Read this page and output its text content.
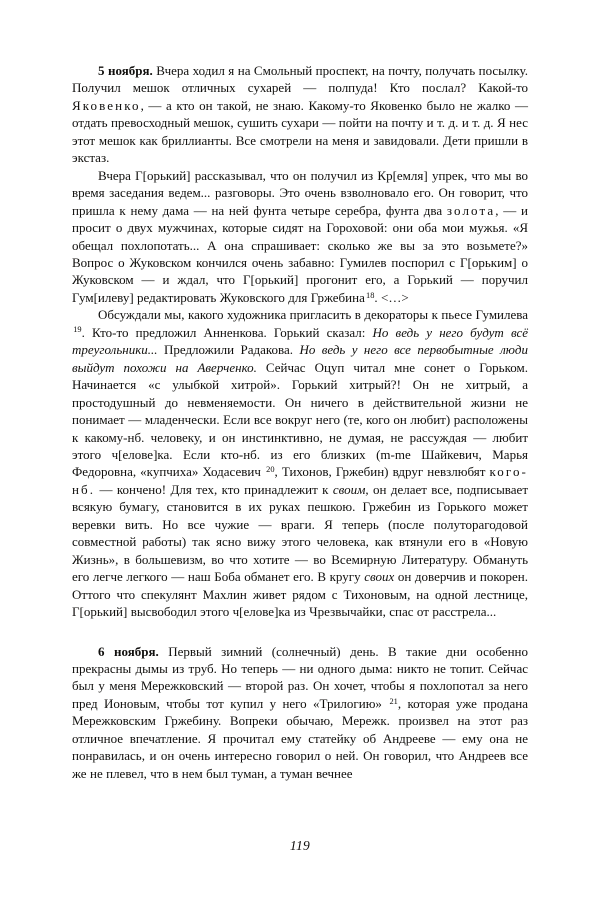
5 ноября. Вчера ходил я на Смольный проспект, на почту, получать посылку. Получил мешок отличных сухарей — полпуда! Кто послал? Какой-то Яковенко, — а кто он такой, не знаю. Какому-то Яковенко было не жалко — отдать превосходный мешок, сушить сухари — пойти на почту и т. д. и т. д. Я нес этот мешок как бриллианты. Все смотрели на меня и завидовали. Дети пришли в экстаз.

Вчера Г[орький] рассказывал, что он получил из Кр[емля] упрек, что мы во время заседания ведем... разговоры. Это очень взволновало его. Он говорит, что пришла к нему дама — на ней фунта четыре серебра, фунта два золота, — и просит о двух мужчинах, которые сидят на Гороховой: они оба мои мужья. «Я обещал похлопотать... А она спрашивает: сколько же вы за это возьмете?» Вопрос о Жуковском кончился очень забавно: Гумилев поспорил с Г[орьким] о Жуковском — и ждал, что Г[орький] прогонит его, а Горький — поручил Гум[илеву] редактировать Жуковского для Гржебина$^{18}$. <…>

Обсуждали мы, какого художника пригласить в декораторы к пьесе Гумилева $^{19}$. Кто-то предложил Анненкова. Горький сказал: Но ведь у него будут всё треугольники... Предложили Радакова. Но ведь у него все первобытные люди выйдут похожи на Аверченко. Сейчас Оцуп читал мне сонет о Горьком. Начинается «с улыбкой хитрой». Горький хитрый?! Он не хитрый, а простодушный до невменяемости. Он ничего в действительной жизни не понимает — младенчески. Если все вокруг него (те, кого он любит) расположены к какому-нб. человеку, и он инстинктивно, не думая, не рассуждая — любит этого ч[елове]ка. Если кто-нб. из его близких (m-me Шайкевич, Марья Федоровна, «купчиха» Ходасевич $^{20}$, Тихонов, Гржебин) вдруг невзлюбят кого-нб. — кончено! Для тех, кто принадлежит к своим, он делает все, подписывает всякую бумагу, становится в их руках пешкою. Гржебин из Горького может веревки вить. Но все чужие — враги. Я теперь (после полуторагодовой совместной работы) так ясно вижу этого человека, как втянули его в «Новую Жизнь», в большевизм, во что хотите — во Всемирную Литературу. Обмануть его легче легкого — наш Боба обманет его. В кругу своих он доверчив и покорен. Оттого что спекулянт Махлин живет рядом с Тихоновым, на одной лестнице, Г[орький] высвободил этого ч[елове]ка из Чрезвычайки, спас от расстрела...

6 ноября. Первый зимний (солнечный) день. В такие дни особенно прекрасны дымы из труб. Но теперь — ни одного дыма: никто не топит. Сейчас был у меня Мережковский — второй раз. Он хочет, чтобы я похлопотал за него пред Ионовым, чтобы тот купил у него «Трилогию» $^{21}$, которая уже продана Мережковским Гржебину. Вопреки обычаю, Мережк. произвел на этот раз отличное впечатление. Я прочитал ему статейку об Андрееве — ему она не понравилась, и он очень интересно говорил о ней. Он говорил, что Андреев все же не плевел, что в нем был туман, а туман вечнее

119
